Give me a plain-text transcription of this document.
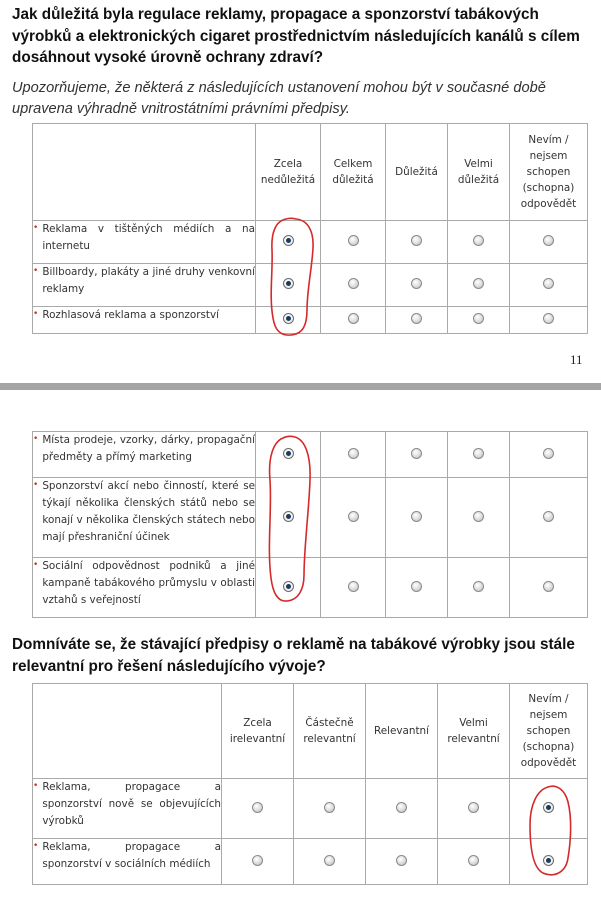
Jak důležitá byla regulace reklamy, propagace a sponzorství tabákových výrobků a elektronických cigaret prostřednictvím následujících kanálů s cílem dosáhnout vysoké úrovně ochrany zdraví?
Upozorňujeme, že některá z následujících ustanovení mohou být v současné době upravena výhradně vnitrostátními právními předpisy.
	Zcela nedůležitá	Celkem důležitá	Důležitá	Velmi důležitá	Nevím / nejsem schopen (schopna) odpovědět

• Reklama v tištěných médiích a na internetu					

• Billboardy, plakáty a jiné druhy venkovní reklamy					

• Rozhlasová reklama a sponzorství					

11
• Místa prodeje, vzorky, dárky, propagační předměty a přímý marketing					

• Sponzorství akcí nebo činností, které se týkají několika členských států nebo se konají v několika členských státech nebo mají přeshraniční účinek					

• Sociální odpovědnost podniků a jiné kampaně tabákového průmyslu v oblasti vztahů s veřejností					

Domníváte se, že stávající předpisy o reklamě na tabákové výrobky jsou stále relevantní pro řešení následujícího vývoje?
	Zcela irelevantní	Částečně relevantní	Relevantní	Velmi relevantní	Nevím / nejsem schopen (schopna) odpovědět

• Reklama, propagace a sponzorství nově se objevujících výrobků					

• Reklama, propagace a sponzorství v sociálních médiích					
